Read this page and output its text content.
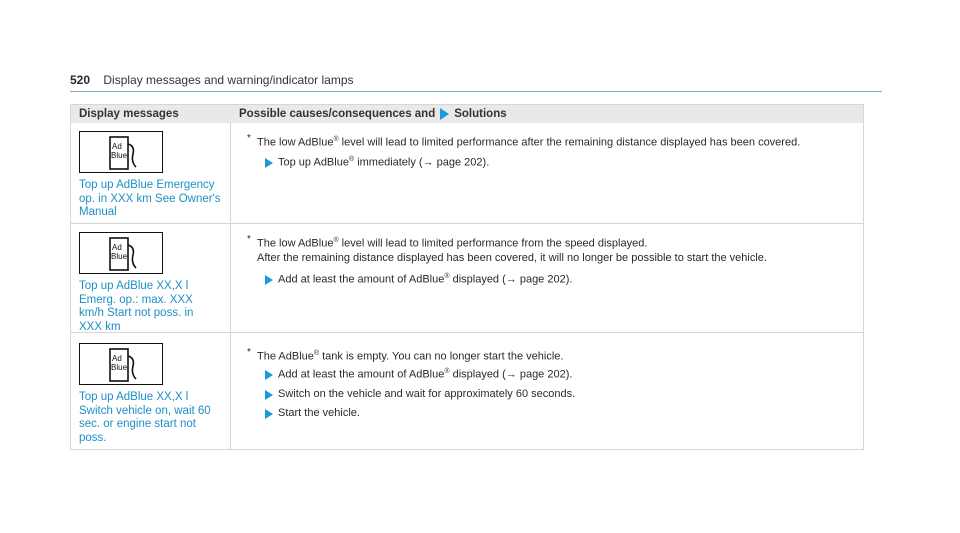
520 Display messages and warning/indicator lamps
Display messages	Possible causes/consequences and Solutions
Ad
Blue
Top up AdBlue Emergency
op. in XXX km See Owner's
Manual
* The low AdBlue® level will lead to limited performance after the remaining distance displayed has been covered.
Top up AdBlue® immediately (→ page 202).
Ad
Blue
Top up AdBlue XX,X l
Emerg. op.: max. XXX
km/h Start not poss. in
XXX km
* The low AdBlue® level will lead to limited performance from the speed displayed.
After the remaining distance displayed has been covered, it will no longer be possible to start the vehicle.
Add at least the amount of AdBlue® displayed (→ page 202).
Ad
Blue
Top up AdBlue XX,X l
Switch vehicle on, wait 60
sec. or engine start not
poss.
* The AdBlue® tank is empty. You can no longer start the vehicle.
Add at least the amount of AdBlue® displayed (→ page 202).
Switch on the vehicle and wait for approximately 60 seconds.
Start the vehicle.
